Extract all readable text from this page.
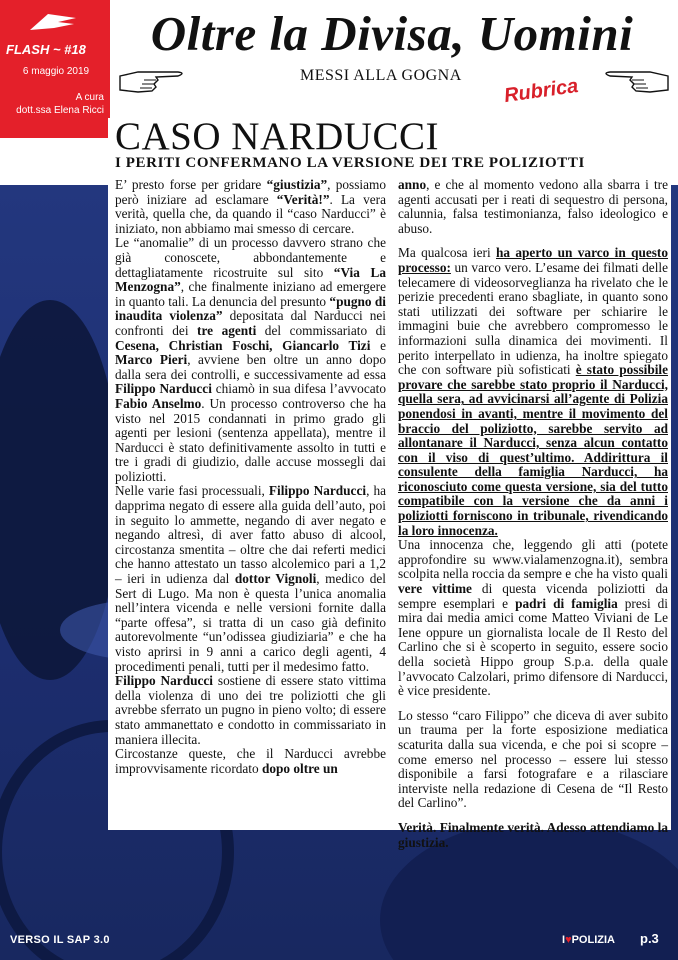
FLASH ~ #18
6 maggio 2019
A cura
dott.ssa Elena Ricci
Oltre la Divisa, Uomini
MESSI ALLA GOGNA Rubrica
CASO NARDUCCI
I PERITI CONFERMANO LA VERSIONE DEI TRE POLIZIOTTI

E’ presto forse per gridare “giustizia”, possiamo però iniziare ad esclamare “Verità!”. La vera verità, quella che, da quando il “caso Narducci” è iniziato, non abbiamo mai smesso di cercare.

Le “anomalie” di un processo davvero strano che già conoscete, abbondantemente e dettagliatamente ricostruite sul sito “Via La Menzogna”, che finalmente iniziano ad emergere in quanto tali. La denuncia del presunto “pugno di inaudita violenza” depositata dal Narducci nei confronti dei tre agenti del commissariato di Cesena, Christian Foschi, Giancarlo Tizi e Marco Pieri, avviene ben oltre un anno dopo dalla sera dei controlli, e successivamente ad essa Filippo Narducci chiamò in sua difesa l’avvocato Fabio Anselmo. Un processo controverso che ha visto nel 2015 condannati in primo grado gli agenti per lesioni (sentenza appellata), mentre il Narducci è stato definitivamente assolto in tutti e tre i gradi di giudizio, dalle accuse mossegli dai poliziotti.

Nelle varie fasi processuali, Filippo Narducci, ha dapprima negato di essere alla guida dell’auto, poi in seguito lo ammette, negando di aver negato e negando altresì, di aver fatto abuso di alcool, circostanza smentita – oltre che dai referti medici che hanno attestato un tasso alcolemico pari a 1,2 – ieri in udienza dal dottor Vignoli, medico del Sert di Lugo. Ma non è questa l’unica anomalia nell’intera vicenda e nelle versioni fornite dalla “parte offesa”, si tratta di un caso già definito autorevolmente “un’odissea giudiziaria” e che ha visto aprirsi in 9 anni a carico degli agenti, 4 procedimenti penali, tutti per il medesimo fatto.

Filippo Narducci sostiene di essere stato vittima della violenza di uno dei tre poliziotti che gli avrebbe sferrato un pugno in pieno volto; di essere stato ammanettato e condotto in commissariato in maniera illecita.

Circostanze queste, che il Narducci avrebbe improvvisamente ricordato dopo oltre un

anno, e che al momento vedono alla sbarra i tre agenti accusati per i reati di sequestro di persona, calunnia, falsa testimonianza, falso ideologico e abuso.

Ma qualcosa ieri ha aperto un varco in questo processo: un varco vero. L’esame dei filmati delle telecamere di videosorveglianza ha rivelato che le perizie precedenti erano sbagliate, in quanto sono stati utilizzati dei software per schiarire le immagini buie che avrebbero compromesso le informazioni sulla dinamica dei movimenti. Il perito interpellato in udienza, ha inoltre spiegato che con software più sofisticati è stato possibile provare che sarebbe stato proprio il Narducci, quella sera, ad avvicinarsi all’agente di Polizia ponendosi in avanti, mentre il movimento del braccio del poliziotto, sarebbe servito ad allontanare il Narducci, senza alcun contatto con il viso di quest’ultimo. Addirittura il consulente della famiglia Narducci, ha riconosciuto come questa versione, sia del tutto compatibile con la versione che da anni i poliziotti forniscono in tribunale, rivendicando la loro innocenza.

Una innocenza che, leggendo gli atti (potete approfondire su www.vialamenzogna.it), sembra scolpita nella roccia da sempre e che ha visto quali vere vittime di questa vicenda poliziotti da sempre esemplari e padri di famiglia presi di mira dai media amici come Matteo Viviani de Le Iene oppure un giornalista locale de Il Resto del Carlino che si è scoperto in seguito, essere socio della società Hippo group S.p.a. della quale l’avvocato Calzolari, primo difensore di Narducci, è vice presidente.

Lo stesso “caro Filippo” che diceva di aver subito un trauma per la forte esposizione mediatica scaturita dalla sua vicenda, e che poi si scopre – come emerso nel processo – essere lui stesso disponibile a farsi fotografare e a rilasciare interviste nella redazione di Cesena de “Il Resto del Carlino”.

Verità. Finalmente verità. Adesso attendiamo la giustizia.

VERSO IL SAP 3.0	I♥POLIZIA p.3
